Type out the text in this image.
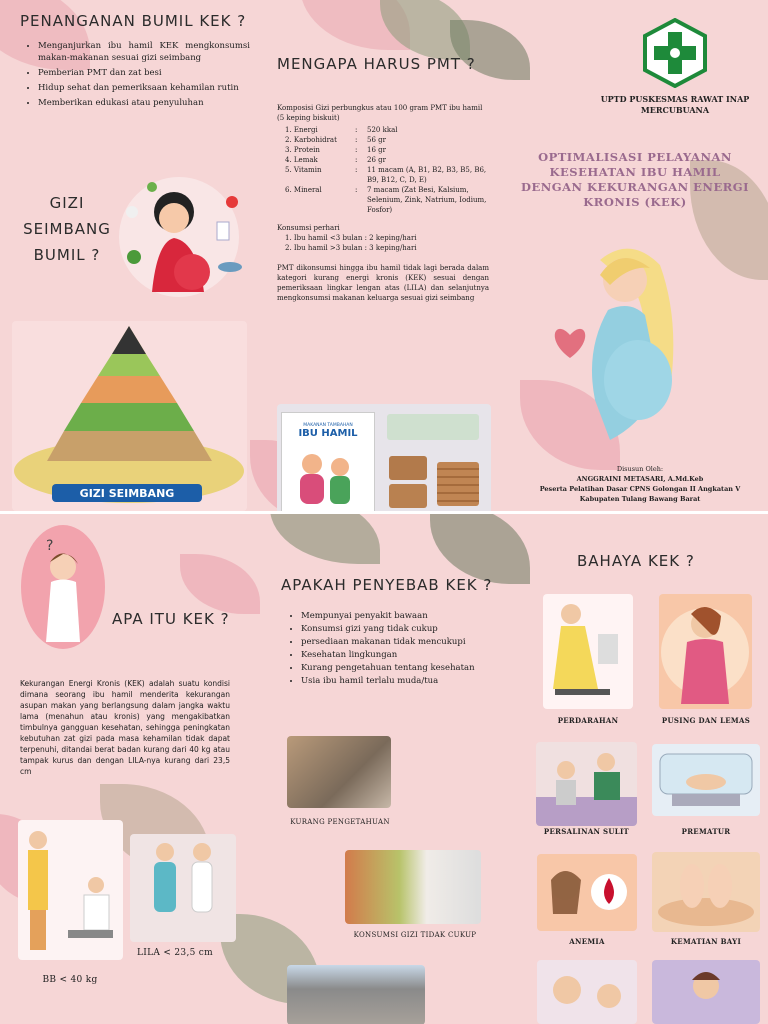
PENANGANAN BUMIL KEK ?
• Menganjurkan ibu hamil KEK mengkonsumsi makan-makanan sesuai gizi seimbang
• Pemberian PMT dan zat besi
• Hidup sehat dan pemeriksaan kehamilan rutin
• Memberikan edukasi atau penyuluhan
GIZI SEIMBANG BUMIL ?
GIZI SEIMBANG
MENGAPA HARUS PMT ?
Komposisi Gizi perbungkus atau 100 gram PMT ibu hamil (5 keping biskuit)
1. Energi	:	520 kkal
2. Karbohidrat	:	56 gr
3. Protein	:	16 gr
4. Lemak	:	26 gr
5. Vitamin	:	11 macam (A, B1, B2, B3, B5, B6, B9, B12, C, D, E)
6. Mineral	:	7 macam (Zat Besi, Kalsium, Selenium, Zink, Natrium, Iodium, Fosfor)
Konsumsi perhari
1. Ibu hamil <3 bulan : 2 keping/hari
2. Ibu hamil >3 bulan : 3 keping/hari
PMT dikonsumsi hingga ibu hamil tidak lagi berada dalam kategori kurang energi kronis (KEK) sesuai dengan pemeriksaan lingkar lengan atas (LILA) dan selanjutnya mengkonsumsi makanan keluarga sesuai gizi seimbang
MAKANAN TAMBAHAN
IBU HAMIL
UPTD PUSKESMAS RAWAT INAP MERCUBUANA
OPTIMALISASI PELAYANAN KESEHATAN IBU HAMIL DENGAN KEKURANGAN ENERGI KRONIS (KEK)
Disusun Oleh:
ANGGRAINI METASARI, A.Md.Keb
Peserta Pelatihan Dasar CPNS Golongan II Angkatan V
Kabupaten Tulang Bawang Barat
?
APA ITU KEK ?
Kekurangan Energi Kronis (KEK) adalah suatu kondisi dimana seorang ibu hamil menderita kekurangan asupan makan yang berlangsung dalam jangka waktu lama (menahun atau kronis) yang mengakibatkan timbulnya gangguan kesehatan, sehingga peningkatan kebutuhan zat gizi pada masa kehamilan tidak dapat terpenuhi, ditandai berat badan kurang dari 40 kg atau tampak kurus dan dengan LILA-nya kurang dari 23,5 cm
LILA < 23,5 cm
BB < 40 kg
APAKAH PENYEBAB KEK ?
• Mempunyai penyakit bawaan
• Konsumsi gizi yang tidak cukup
• persediaan makanan tidak mencukupi
• Kesehatan lingkungan
• Kurang pengetahuan tentang kesehatan
• Usia ibu hamil terlalu muda/tua
KURANG PENGETAHUAN
KONSUMSI GIZI TIDAK CUKUP
BAHAYA KEK ?
PERDARAHAN	PUSING DAN LEMAS
PERSALINAN SULIT	PREMATUR
ANEMIA	KEMATIAN BAYI
